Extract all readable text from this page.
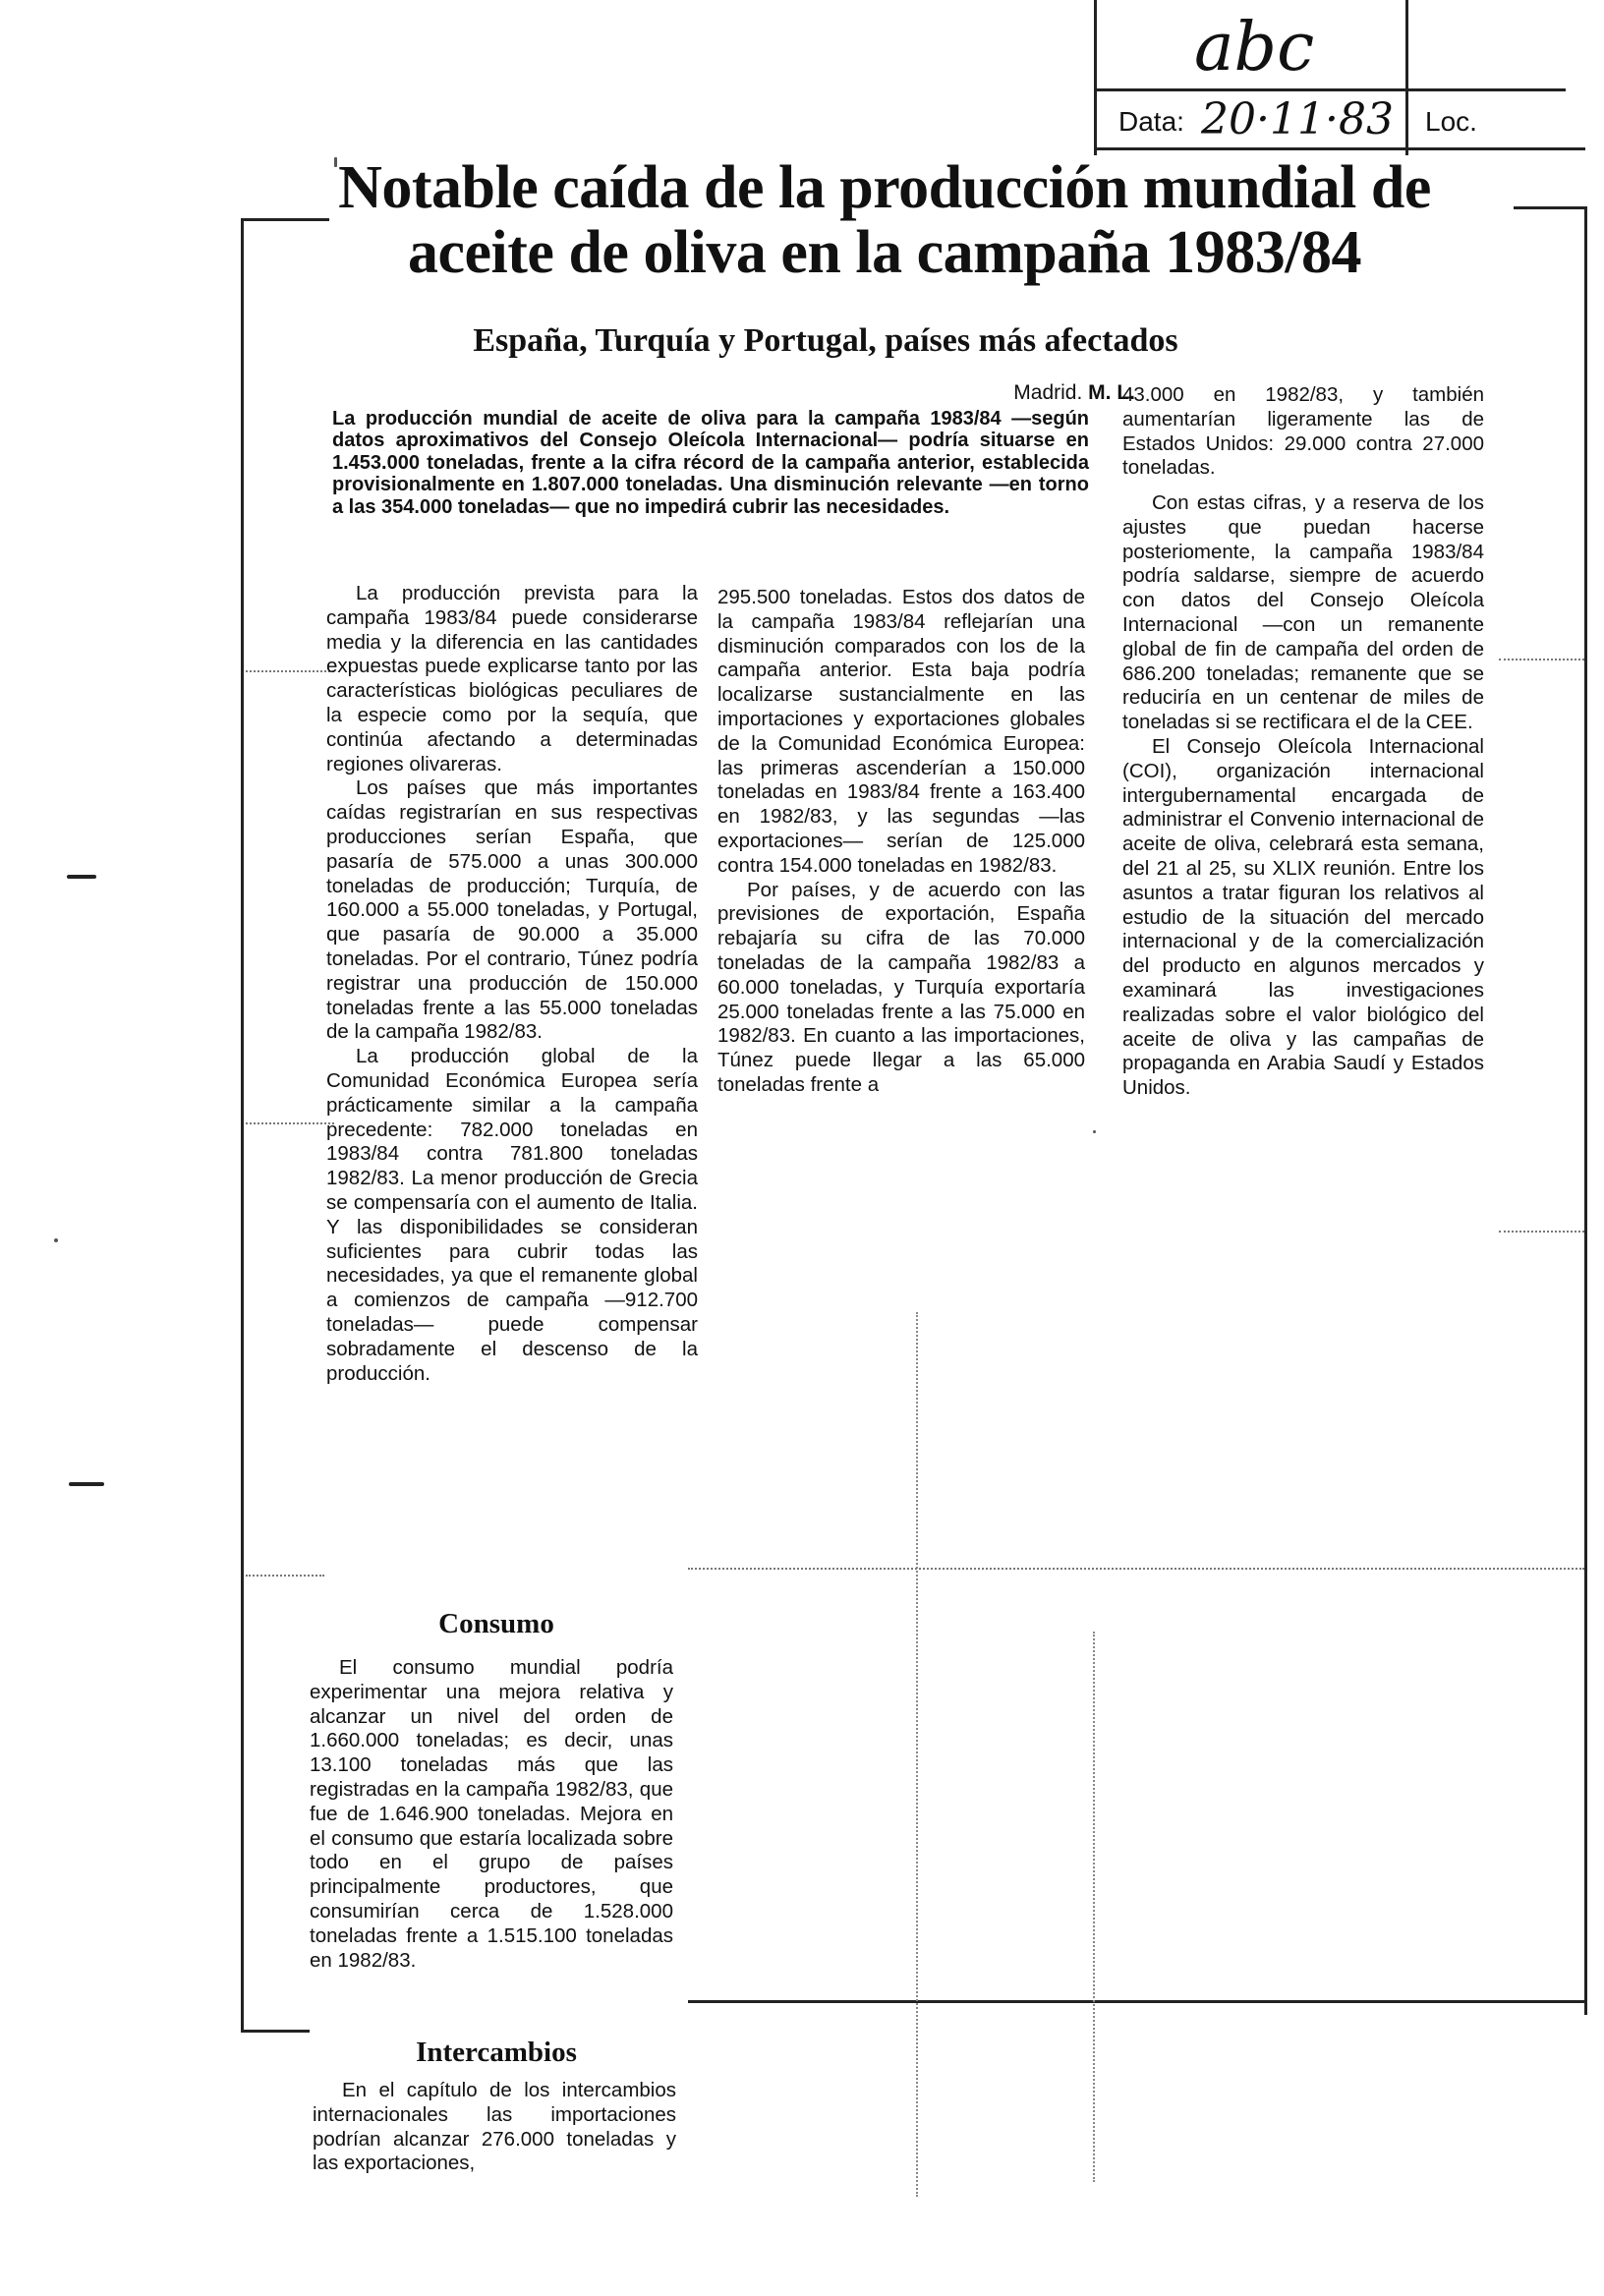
abc
Data: 20·11·83 Loc.
Notable caída de la producción mundial de aceite de oliva en la campaña 1983/84
España, Turquía y Portugal, países más afectados
Madrid. M. L.

La producción mundial de aceite de oliva para la campaña 1983/84 —según datos aproximativos del Consejo Oleícola Internacional— podría situarse en 1.453.000 toneladas, frente a la cifra récord de la campaña anterior, establecida provisionalmente en 1.807.000 toneladas. Una disminución relevante —en torno a las 354.000 toneladas— que no impedirá cubrir las necesidades.

La producción prevista para la campaña 1983/84 puede considerarse media y la diferencia en las cantidades expuestas puede explicarse tanto por las características biológicas peculiares de la especie como por la sequía, que continúa afectando a determinadas regiones olivareras.

Los países que más importantes caídas registrarían en sus respectivas producciones serían España, que pasaría de 575.000 a unas 300.000 toneladas de producción; Turquía, de 160.000 a 55.000 toneladas, y Portugal, que pasaría de 90.000 a 35.000 toneladas. Por el contrario, Túnez podría registrar una producción de 150.000 toneladas frente a las 55.000 toneladas de la campaña 1982/83.

La producción global de la Comunidad Económica Europea sería prácticamente similar a la campaña precedente: 782.000 toneladas en 1983/84 contra 781.800 toneladas 1982/83. La menor producción de Grecia se compensaría con el aumento de Italia. Y las disponibilidades se consideran suficientes para cubrir todas las necesidades, ya que el remanente global a comienzos de campaña —912.700 toneladas— puede compensar sobradamente el descenso de la producción.

Consumo

El consumo mundial podría experimentar una mejora relativa y alcanzar un nivel del orden de 1.660.000 toneladas; es decir, unas 13.100 toneladas más que las registradas en la campaña 1982/83, que fue de 1.646.900 toneladas. Mejora en el consumo que estaría localizada sobre todo en el grupo de países principalmente productores, que consumirían cerca de 1.528.000 toneladas frente a 1.515.100 toneladas en 1982/83.

Intercambios

En el capítulo de los intercambios internacionales las importaciones podrían alcanzar 276.000 toneladas y las exportaciones,

295.500 toneladas. Estos dos datos de la campaña 1983/84 reflejarían una disminución comparados con los de la campaña anterior. Esta baja podría localizarse sustancialmente en las importaciones y exportaciones globales de la Comunidad Económica Europea: las primeras ascenderían a 150.000 toneladas en 1983/84 frente a 163.400 en 1982/83, y las segundas —las exportaciones— serían de 125.000 contra 154.000 toneladas en 1982/83.

Por países, y de acuerdo con las previsiones de exportación, España rebajaría su cifra de las 70.000 toneladas de la campaña 1982/83 a 60.000 toneladas, y Turquía exportaría 25.000 toneladas frente a las 75.000 en 1982/83. En cuanto a las importaciones, Túnez puede llegar a las 65.000 toneladas frente a

43.000 en 1982/83, y también aumentarían ligeramente las de Estados Unidos: 29.000 contra 27.000 toneladas.

Con estas cifras, y a reserva de los ajustes que puedan hacerse posteriomente, la campaña 1983/84 podría saldarse, siempre de acuerdo con datos del Consejo Oleícola Internacional —con un remanente global de fin de campaña del orden de 686.200 toneladas; remanente que se reduciría en un centenar de miles de toneladas si se rectificara el de la CEE.

El Consejo Oleícola Internacional (COI), organización internacional intergubernamental encargada de administrar el Convenio internacional de aceite de oliva, celebrará esta semana, del 21 al 25, su XLIX reunión. Entre los asuntos a tratar figuran los relativos al estudio de la situación del mercado internacional y de la comercialización del producto en algunos mercados y examinará las investigaciones realizadas sobre el valor biológico del aceite de oliva y las campañas de propaganda en Arabia Saudí y Estados Unidos.
